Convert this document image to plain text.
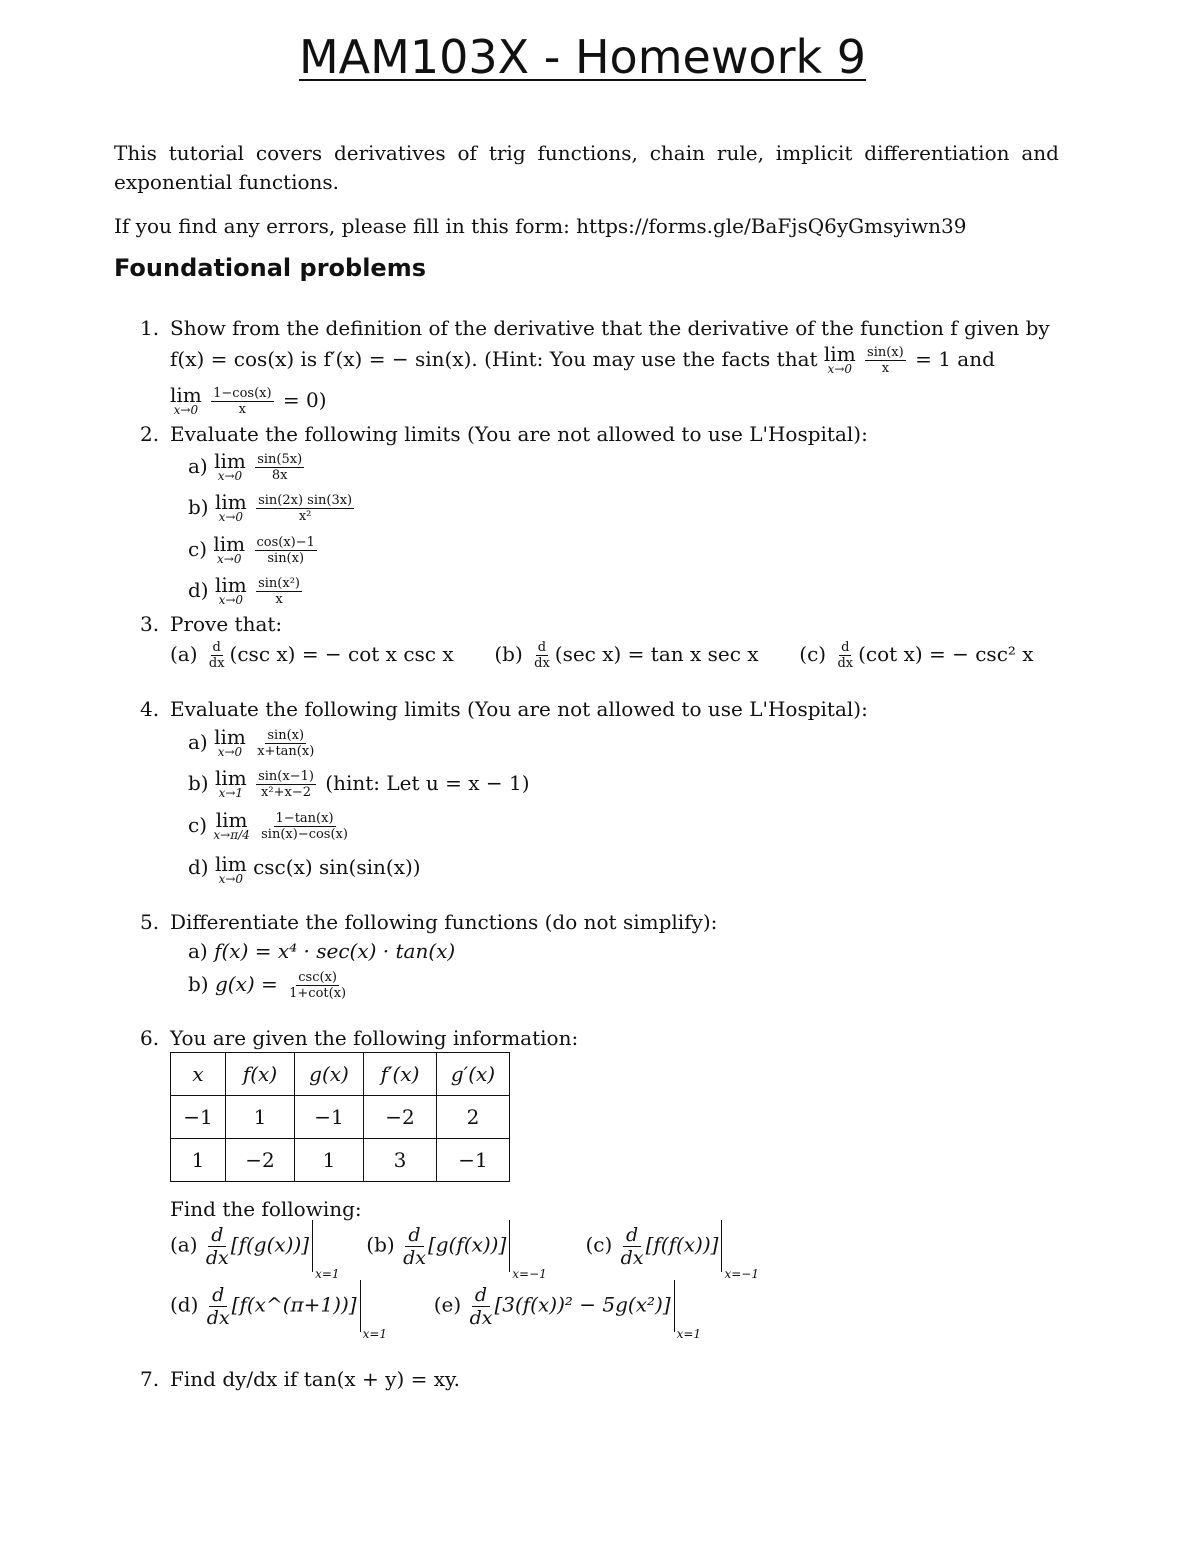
MAM103X - Homework 9
This tutorial covers derivatives of trig functions, chain rule, implicit differentiation and exponential functions.
If you find any errors, please fill in this form: https://forms.gle/BaFjsQ6yGmsyiwn39
Foundational problems
1. Show from the definition of the derivative that the derivative of the function f given by
f(x) = cos(x) is f′(x) = − sin(x). (Hint: You may use the facts that lim
x→0
$\frac{\sin(x)}{x} = 1$ and
lim
x→0
$\frac{1-\cos(x)}{x} = 0$)
2. Evaluate the following limits (You are not allowed to use L'Hospital):
a) lim
x→0
$\frac{\sin(5x)}{8x}$
b) lim
x→0
$\frac{\sin(2x) \sin(3x)}{\text{x²}}$
c) lim
x→0
$\frac{\cos(x)-1}{\sin(x)}$
d) lim
x→0
$\frac{\text{sin(x²)}}{x}$
3. Prove that:
$(a) \frac{d}{dx} (\csc$ x) = − cot x csc x $(b) \frac{d}{dx} (\sec$ x) = tan x sec x $(c) \frac{d}{dx} (\cot$ x) = − csc² x
4. Evaluate the following limits (You are not allowed to use L'Hospital):
a) lim
x→0
$\frac{\sin(x)}{x+\tan(x)}$
b) lim
x→1
$\frac{\sin(x-1)}{\text{x²+x−2}}$ (hint: Let u = x − 1)
c) lim
x→π/4
$\frac{1-\tan(x)}{\sin(x)-\cos(x)}$
d) lim
x→0 csc(x) sin(sin(x))
5. Differentiate the following functions (do not simplify):
a) f(x) = x⁴ · sec(x) · tan(x)
b) $g(x) = \frac{\csc(x)}{1+\cot(x)}$
6. You are given the following information:
x	f(x)	g(x)	f′(x)	g′(x)
−1	1	−1	−2	2
1	−2	1	3	−1
Find the following:
$(a) \frac{d}{dx} [f(g(x))]_{x=1}$  $(b) \frac{d}{dx} [g(f(x))]_{x=-1}$  $(c) \frac{d}{dx} [f(f(x))]_{x=-1}$
$(d) \frac{d}{dx}$ $[f(x\^{}(\pi+1))]_{x=1}$  $(e) \frac{d}{dx} [3(f(x))^2 - 5g(x^2)]_{x=1}$
7. Find dy/dx if tan(x + y) = xy.
